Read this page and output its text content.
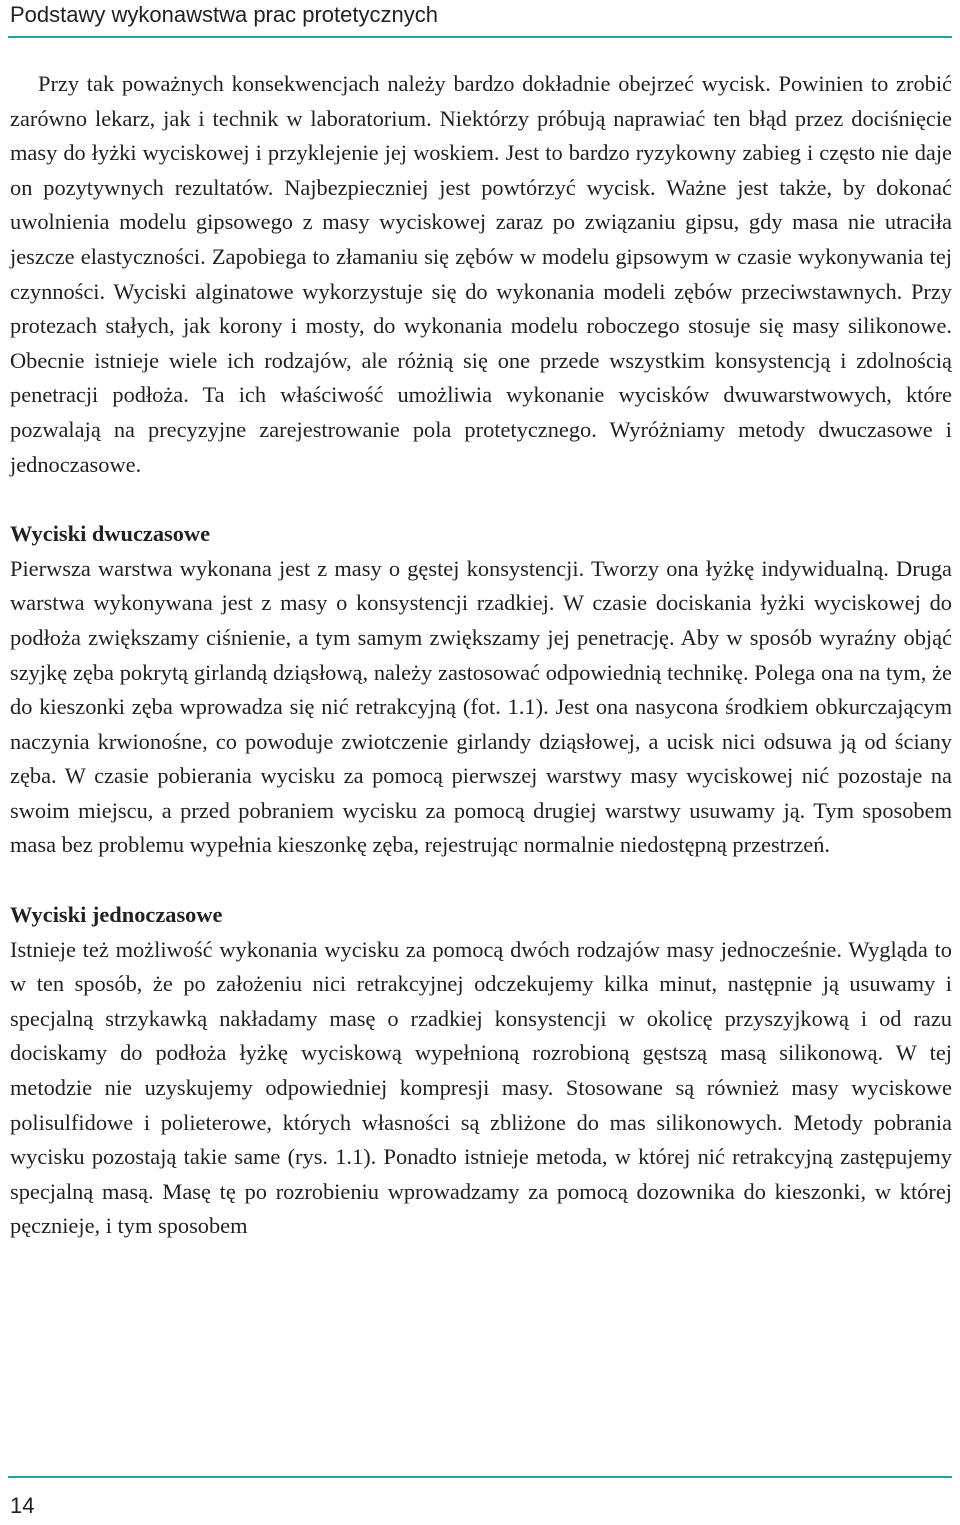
Podstawy wykonawstwa prac protetycznych

Przy tak poważnych konsekwencjach należy bardzo dokładnie obejrzeć wycisk. Powinien to zrobić zarówno lekarz, jak i technik w laboratorium. Niektórzy próbują naprawiać ten błąd przez dociśnięcie masy do łyżki wyciskowej i przyklejenie jej woskiem. Jest to bardzo ryzykowny zabieg i często nie daje on pozytywnych rezultatów. Najbezpieczniej jest powtórzyć wycisk. Ważne jest także, by dokonać uwolnienia modelu gipsowego z masy wyciskowej zaraz po związaniu gipsu, gdy masa nie utraciła jeszcze elastyczności. Zapobiega to złamaniu się zębów w modelu gipsowym w czasie wykonywania tej czynności. Wyciski alginatowe wykorzystuje się do wykonania modeli zębów przeciwstawnych. Przy protezach stałych, jak korony i mosty, do wykonania modelu roboczego stosuje się masy silikonowe. Obecnie istnieje wiele ich rodzajów, ale różnią się one przede wszystkim konsystencją i zdolnością penetracji podłoża. Ta ich właściwość umożliwia wykonanie wycisków dwuwarstwowych, które pozwalają na precyzyjne zarejestrowanie pola protetycznego. Wyróżniamy metody dwuczasowe i jednoczasowe.

Wyciski dwuczasowe

Pierwsza warstwa wykonana jest z masy o gęstej konsystencji. Tworzy ona łyżkę indywidualną. Druga warstwa wykonywana jest z masy o konsystencji rzadkiej. W czasie dociskania łyżki wyciskowej do podłoża zwiększamy ciśnienie, a tym samym zwiększamy jej penetrację. Aby w sposób wyraźny objąć szyjkę zęba pokrytą girlandą dziąsłową, należy zastosować odpowiednią technikę. Polega ona na tym, że do kieszonki zęba wprowadza się nić retrakcyjną (fot. 1.1). Jest ona nasycona środkiem obkurczającym naczynia krwionośne, co powoduje zwiotczenie girlandy dziąsłowej, a ucisk nici odsuwa ją od ściany zęba. W czasie pobierania wycisku za pomocą pierwszej warstwy masy wyciskowej nić pozostaje na swoim miejscu, a przed pobraniem wycisku za pomocą drugiej warstwy usuwamy ją. Tym sposobem masa bez problemu wypełnia kieszonkę zęba, rejestrując normalnie niedostępną przestrzeń.

Wyciski jednoczasowe

Istnieje też możliwość wykonania wycisku za pomocą dwóch rodzajów masy jednocześnie. Wygląda to w ten sposób, że po założeniu nici retrakcyjnej odczekujemy kilka minut, następnie ją usuwamy i specjalną strzykawką nakładamy masę o rzadkiej konsystencji w okolicę przyszyjkową i od razu dociskamy do podłoża łyżkę wyciskową wypełnioną rozrobioną gęstszą masą silikonową. W tej metodzie nie uzyskujemy odpowiedniej kompresji masy. Stosowane są również masy wyciskowe polisulfidowe i polieterowe, których własności są zbliżone do mas silikonowych. Metody pobrania wycisku pozostają takie same (rys. 1.1). Ponadto istnieje metoda, w której nić retrakcyjną zastępujemy specjalną masą. Masę tę po rozrobieniu wprowadzamy za pomocą dozownika do kieszonki, w której pęcznieje, i tym sposobem

14
